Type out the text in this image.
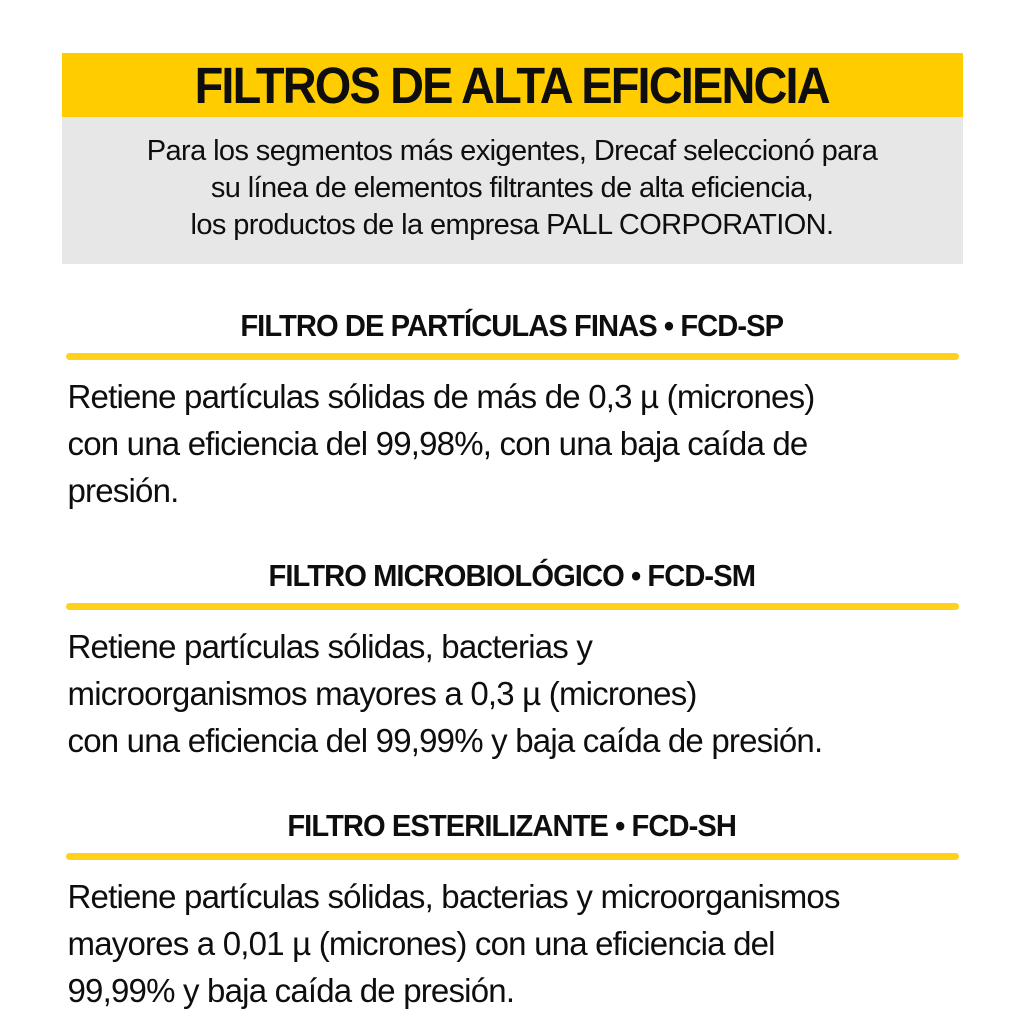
FILTROS DE ALTA EFICIENCIA
Para los segmentos más exigentes, Drecaf seleccionó para
su línea de elementos filtrantes de alta eficiencia,
los productos de la empresa PALL CORPORATION.
FILTRO DE PARTÍCULAS FINAS • FCD-SP

Retiene partículas sólidas de más de 0,3 µ (micrones)
con una eficiencia del 99,98%, con una baja caída de
presión.

FILTRO MICROBIOLÓGICO • FCD-SM

Retiene partículas sólidas, bacterias y
microorganismos mayores a 0,3 µ (micrones)
con una eficiencia del 99,99% y baja caída de presión.

FILTRO ESTERILIZANTE • FCD-SH

Retiene partículas sólidas, bacterias y microorganismos
mayores a 0,01 µ (micrones) con una eficiencia del
99,99% y baja caída de presión.
